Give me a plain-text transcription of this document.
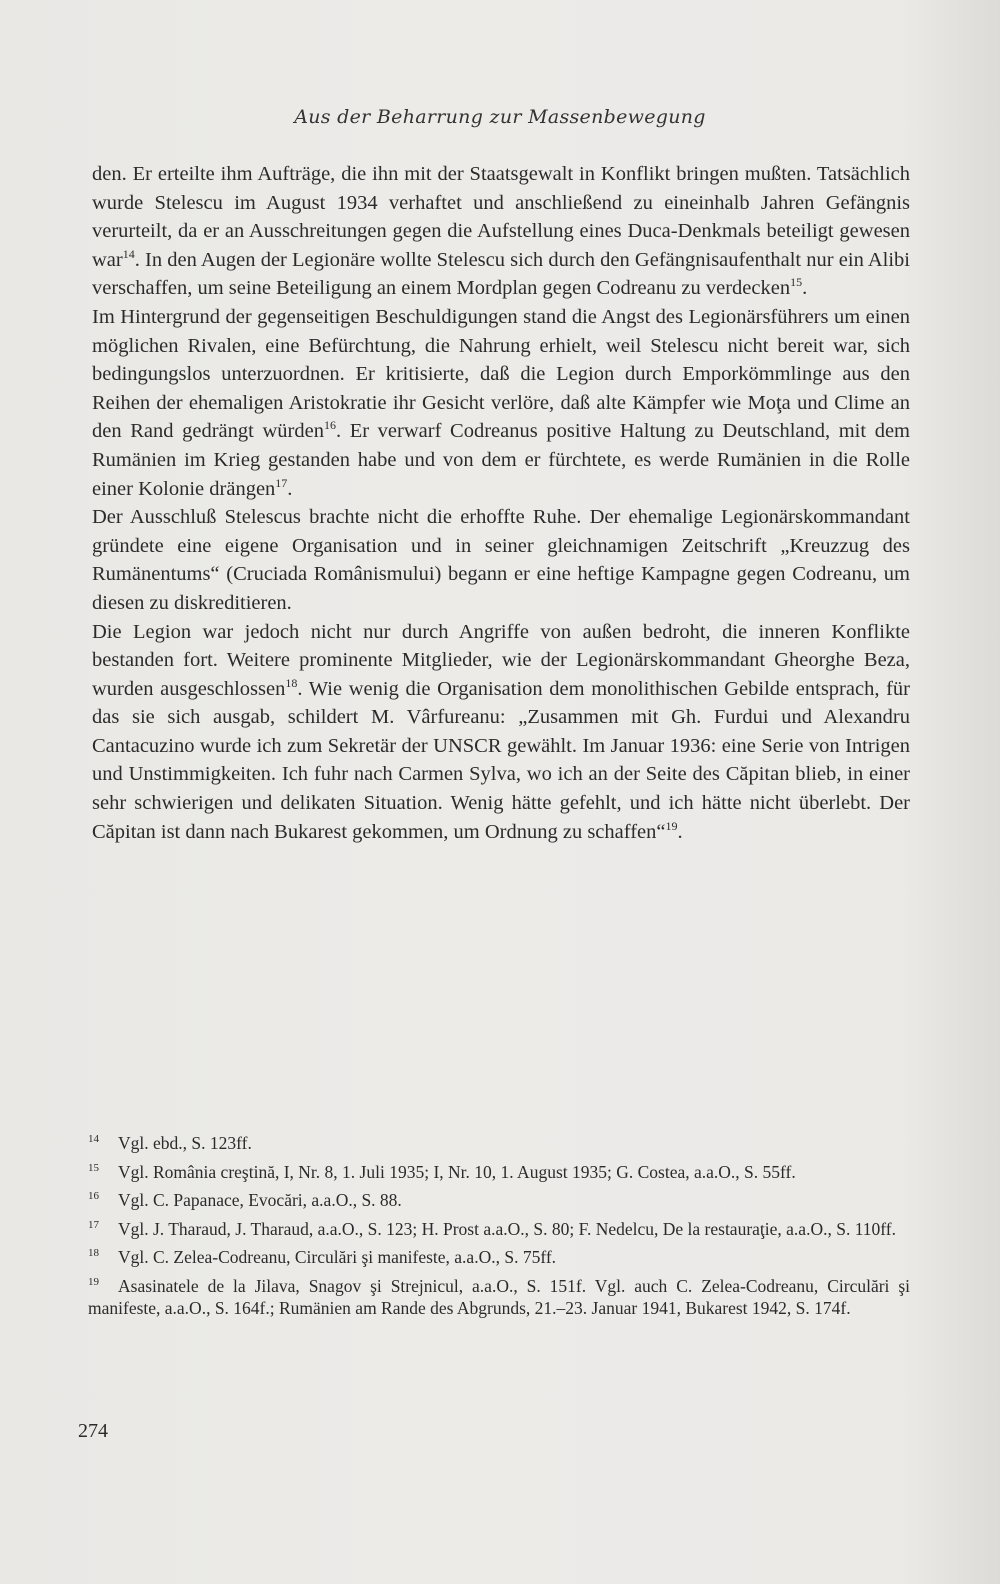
Aus der Beharrung zur Massenbewegung

den. Er erteilte ihm Aufträge, die ihn mit der Staatsgewalt in Konflikt bringen mußten. Tatsächlich wurde Stelescu im August 1934 verhaftet und anschließend zu eineinhalb Jahren Gefängnis verurteilt, da er an Ausschreitungen gegen die Aufstellung eines Duca-Denkmals beteiligt gewesen war$^{14}$. In den Augen der Legionäre wollte Stelescu sich durch den Gefängnisaufenthalt nur ein Alibi verschaffen, um seine Beteiligung an einem Mordplan gegen Codreanu zu verdecken$^{15}$.

Im Hintergrund der gegenseitigen Beschuldigungen stand die Angst des Legionärsführers um einen möglichen Rivalen, eine Befürchtung, die Nahrung erhielt, weil Stelescu nicht bereit war, sich bedingungslos unterzuordnen. Er kritisierte, daß die Legion durch Emporkömmlinge aus den Reihen der ehemaligen Aristokratie ihr Gesicht verlöre, daß alte Kämpfer wie Moţa und Clime an den Rand gedrängt würden$^{16}$. Er verwarf Codreanus positive Haltung zu Deutschland, mit dem Rumänien im Krieg gestanden habe und von dem er fürchtete, es werde Rumänien in die Rolle einer Kolonie drängen$^{17}$.

Der Ausschluß Stelescus brachte nicht die erhoffte Ruhe. Der ehemalige Legionärskommandant gründete eine eigene Organisation und in seiner gleichnamigen Zeitschrift „Kreuzzug des Rumänentums“ (Cruciada Românismului) begann er eine heftige Kampagne gegen Codreanu, um diesen zu diskreditieren.

Die Legion war jedoch nicht nur durch Angriffe von außen bedroht, die inneren Konflikte bestanden fort. Weitere prominente Mitglieder, wie der Legionärskommandant Gheorghe Beza, wurden ausgeschlossen$^{18}$. Wie wenig die Organisation dem monolithischen Gebilde entsprach, für das sie sich ausgab, schildert M. Vârfureanu: „Zusammen mit Gh. Furdui und Alexandru Cantacuzino wurde ich zum Sekretär der UNSCR gewählt. Im Januar 1936: eine Serie von Intrigen und Unstimmigkeiten. Ich fuhr nach Carmen Sylva, wo ich an der Seite des Căpitan blieb, in einer sehr schwierigen und delikaten Situation. Wenig hätte gefehlt, und ich hätte nicht überlebt. Der Căpitan ist dann nach Bukarest gekommen, um Ordnung zu schaffen“$^{19}$.

14 Vgl. ebd., S. 123ff.
15 Vgl. România creştină, I, Nr. 8, 1. Juli 1935; I, Nr. 10, 1. August 1935; G. Costea, a.a.O., S. 55ff.
16 Vgl. C. Papanace, Evocări, a.a.O., S. 88.
17 Vgl. J. Tharaud, J. Tharaud, a.a.O., S. 123; H. Prost a.a.O., S. 80; F. Nedelcu, De la restauraţie, a.a.O., S. 110ff.
18 Vgl. C. Zelea-Codreanu, Circulări şi manifeste, a.a.O., S. 75ff.
19 Asasinatele de la Jilava, Snagov şi Strejnicul, a.a.O., S. 151f. Vgl. auch C. Zelea-Codreanu, Circulări şi manifeste, a.a.O., S. 164f.; Rumänien am Rande des Abgrunds, 21.–23. Januar 1941, Bukarest 1942, S. 174f.
274
